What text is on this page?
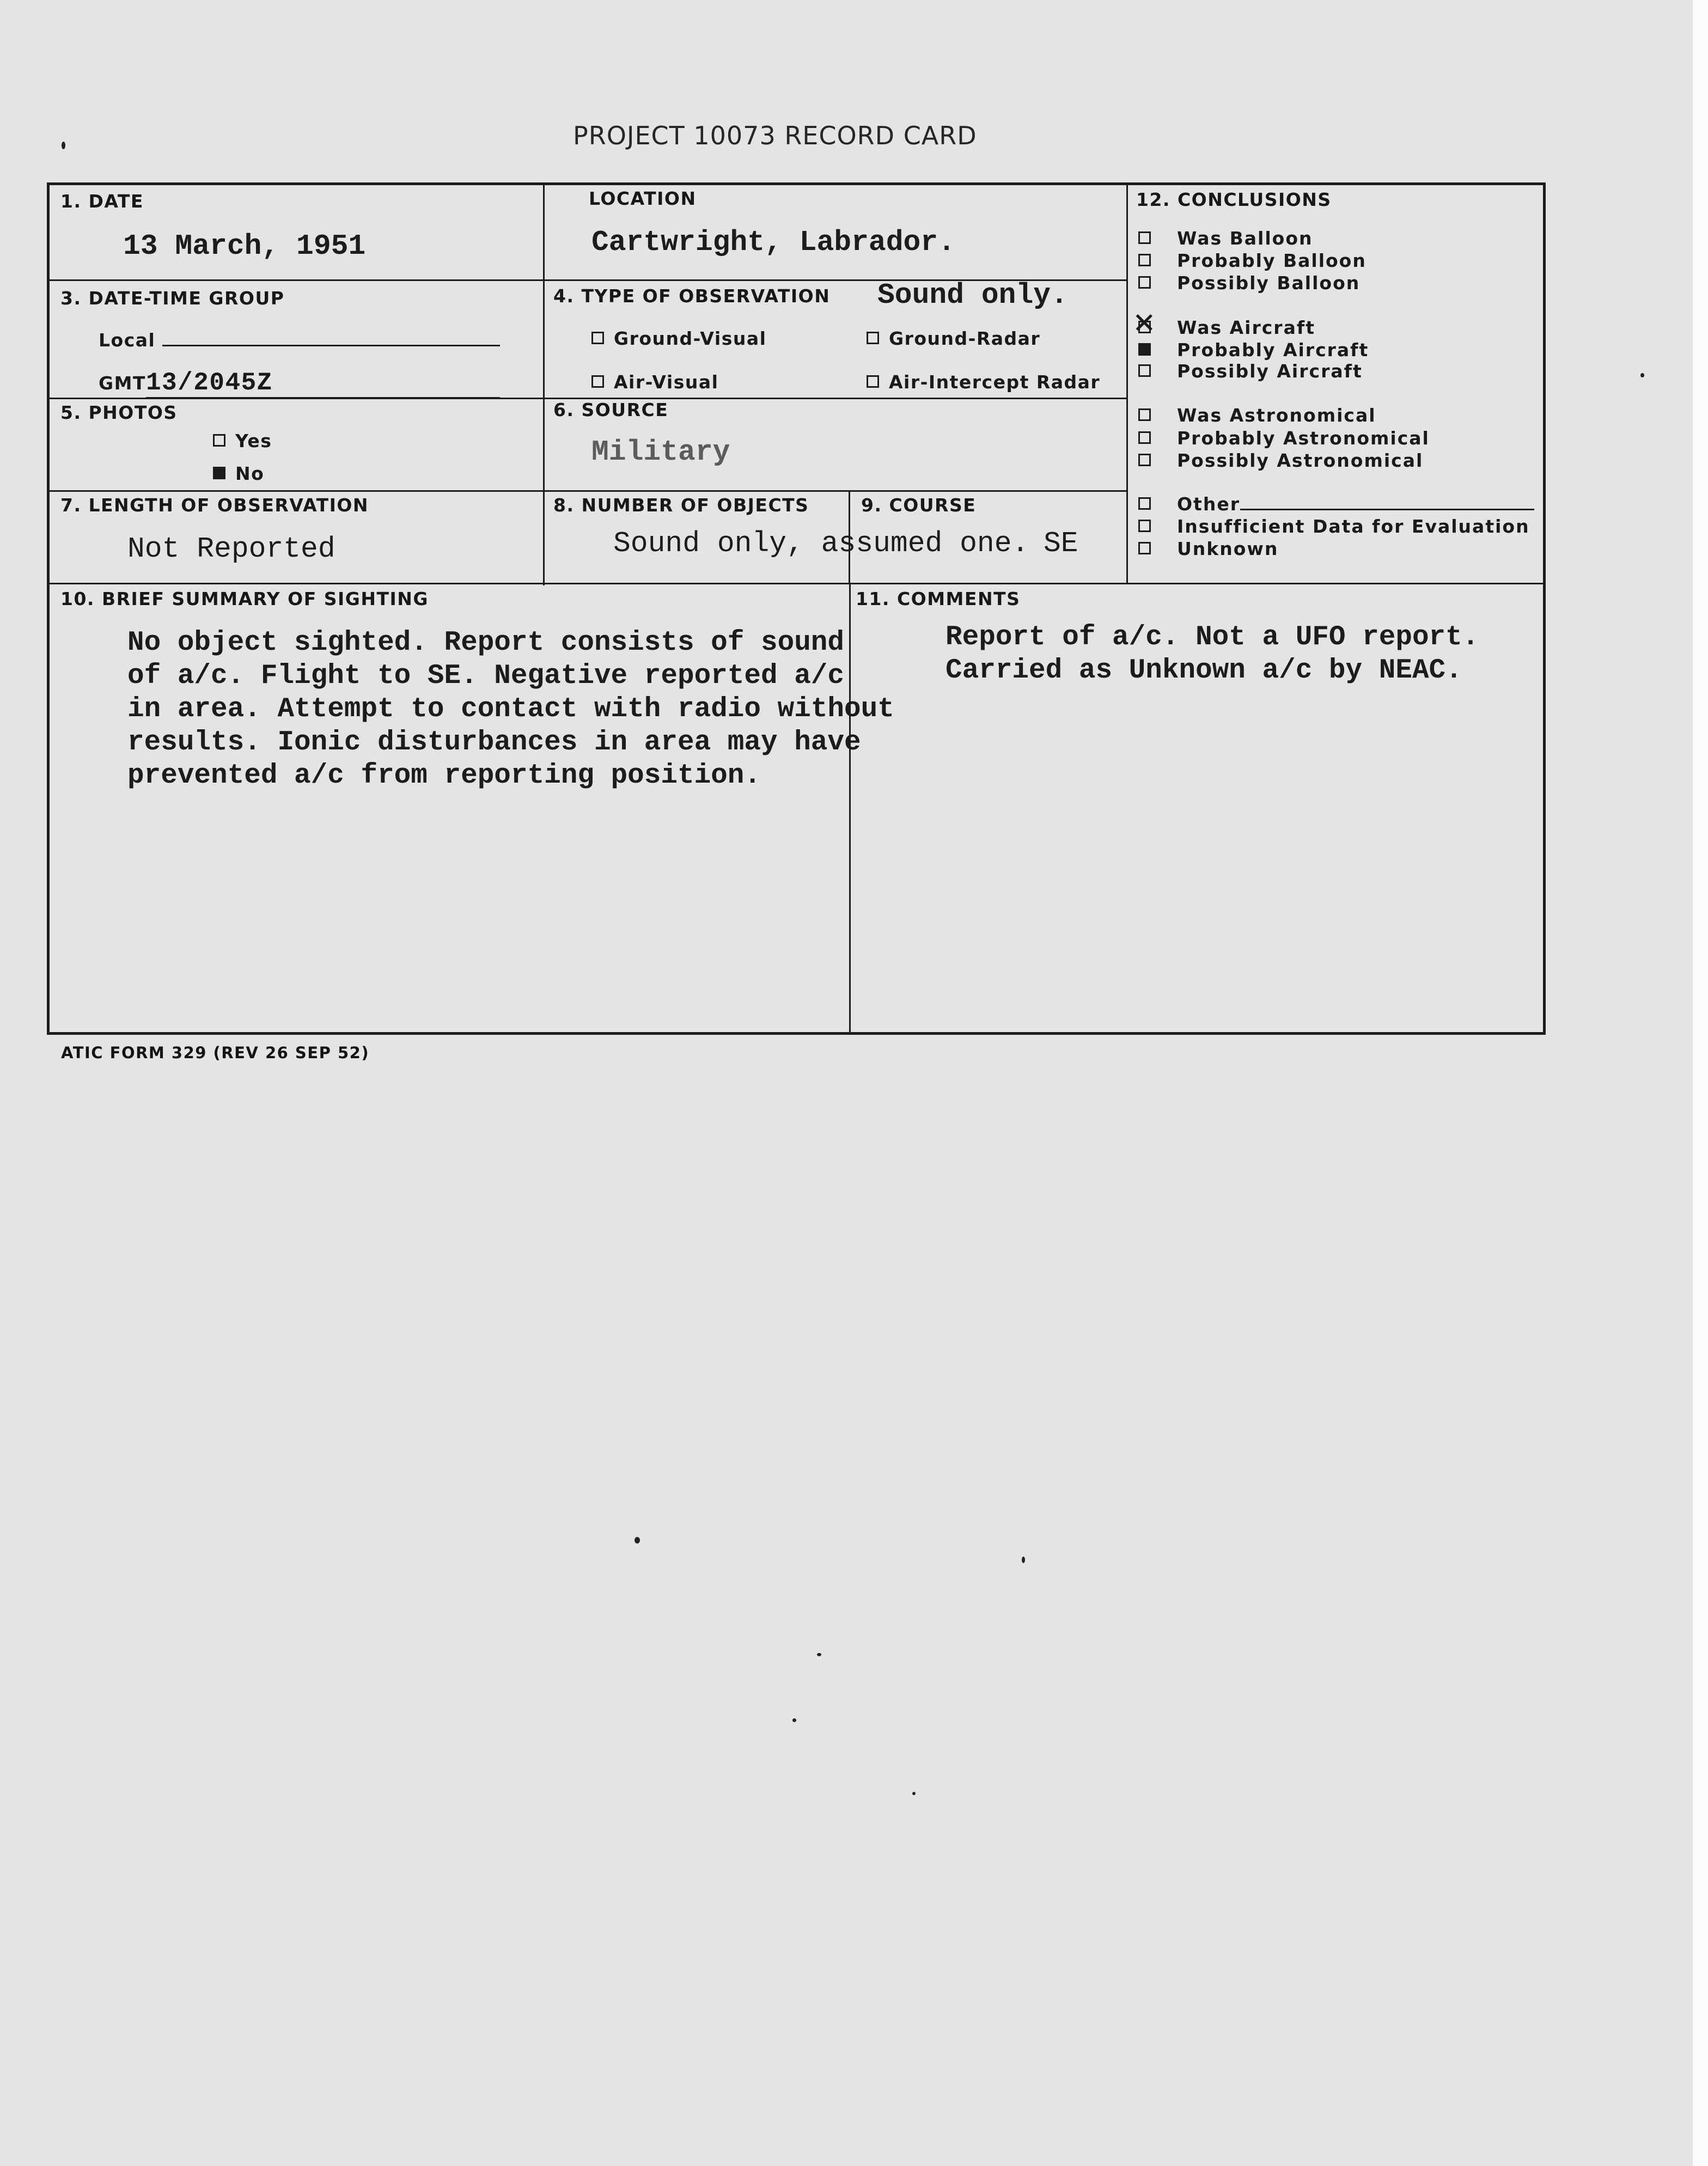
PROJECT 10073 RECORD CARD
1. DATE
13 March, 1951
LOCATION
Cartwright, Labrador.
3. DATE-TIME GROUP
Local
GMT13/2045Z
4. TYPE OF OBSERVATION Sound only.
Ground-Visual	Ground-Radar
Air-Visual	Air-Intercept Radar
5. PHOTOS
Yes
No
6. SOURCE
Military
7. LENGTH OF OBSERVATION
Not Reported
8. NUMBER OF OBJECTS
Sound only, assumed one.
9. COURSE
SE
10. BRIEF SUMMARY OF SIGHTING
No object sighted. Report consists of sound
of a/c. Flight to SE. Negative reported a/c
in area. Attempt to contact with radio without
results. Ionic disturbances in area may have
prevented a/c from reporting position.
11. COMMENTS
Report of a/c. Not a UFO report.
Carried as Unknown a/c by NEAC.
12. CONCLUSIONS
Was Balloon
Probably Balloon
Possibly Balloon
✕Was Aircraft
Probably Aircraft
Possibly Aircraft
Was Astronomical
Probably Astronomical
Possibly Astronomical
Other
Insufficient Data for Evaluation
Unknown
ATIC FORM 329 (REV 26 SEP 52)
